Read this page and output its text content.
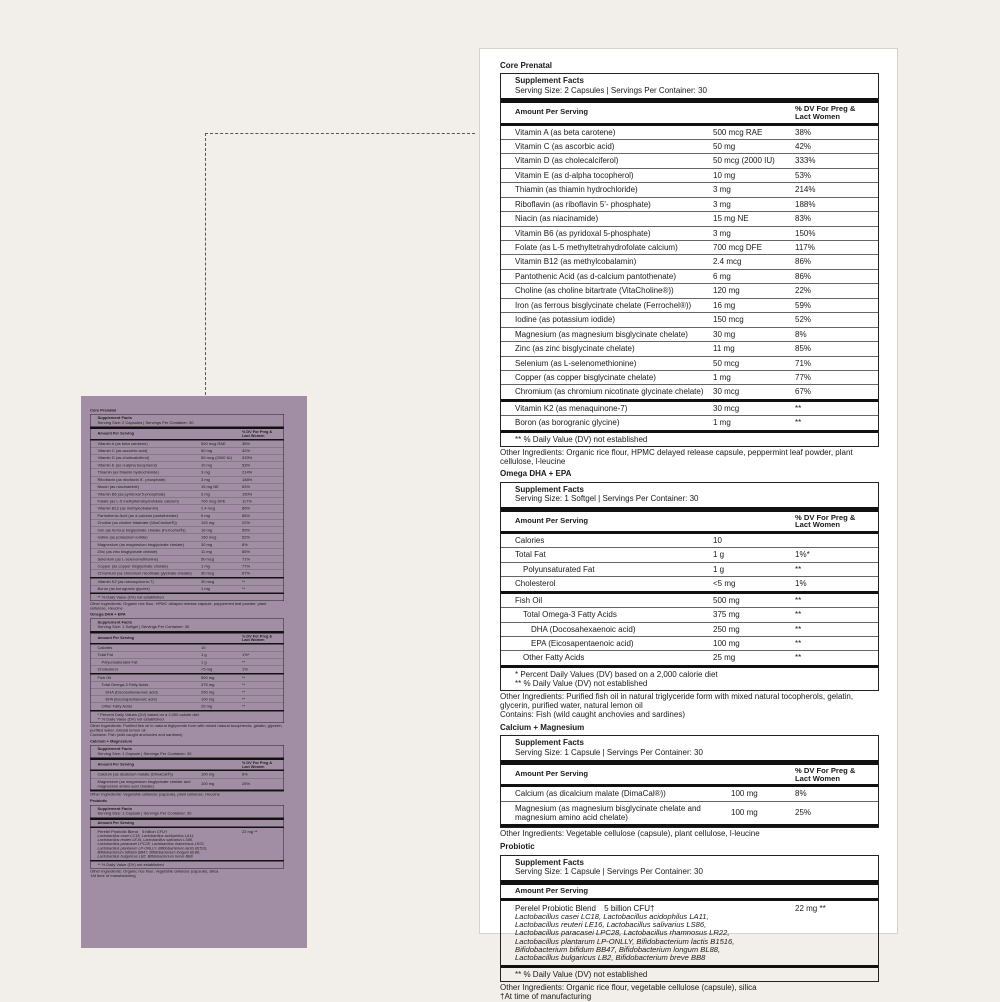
Core Prenatal
Supplement Facts
Serving Size: 2 Capsules | Servings Per Container: 30
Amount Per Serving	% DV For Preg & Lact Women
Vitamin A (as beta carotene)	500 mcg RAE	38%
Vitamin C (as ascorbic acid)	50 mg	42%
Vitamin D (as cholecalciferol)	50 mcg (2000 IU)	333%
Vitamin E (as d-alpha tocopherol)	10 mg	53%
Thiamin (as thiamin hydrochloride)	3 mg	214%
Riboflavin (as riboflavin 5'- phosphate)	3 mg	188%
Niacin (as niacinamide)	15 mg NE	83%
Vitamin B6 (as pyridoxal 5-phosphate)	3 mg	150%
Folate (as L-5 methyltetrahydrofolate calcium)	700 mcg DFE	117%
Vitamin B12 (as methylcobalamin)	2.4 mcg	86%
Pantothenic Acid (as d-calcium pantothenate)	6 mg	86%
Choline (as choline bitartrate (VitaCholine®))	120 mg	22%
Iron (as ferrous bisglycinate chelate (Ferrochel®))	16 mg	59%
Iodine (as potassium iodide)	150 mcg	52%
Magnesium (as magnesium bisglycinate chelate)	30 mg	8%
Zinc (as zinc bisglycinate chelate)	11 mg	85%
Selenium (as L-selenomethionine)	50 mcg	71%
Copper (as copper bisglycinate chelate)	1 mg	77%
Chromium (as chromium nicotinate glycinate chelate)	30 mcg	67%
Vitamin K2 (as menaquinone-7)	30 mcg	**
Boron (as borogranic glycine)	1 mg	**
** % Daily Value (DV) not established
Other Ingredients: Organic rice flour, HPMC delayed release capsule, peppermint leaf powder, plant cellulose, l-leucine
Omega DHA + EPA
Supplement Facts
Serving Size: 1 Softgel | Servings Per Container: 30
Amount Per Serving	% DV For Preg & Lact Women
Calories	10
Total Fat	1 g	1%*
Polyunsaturated Fat	1 g	**
Cholesterol	<5 mg	1%
Fish Oil	500 mg	**
Total Omega-3 Fatty Acids	375 mg	**
DHA (Docosahexaenoic acid)	250 mg	**
EPA (Eicosapentaenoic acid)	100 mg	**
Other Fatty Acids	25 mg	**
* Percent Daily Values (DV) based on a 2,000 calorie diet
** % Daily Value (DV) not established
Other Ingredients: Purified fish oil in natural triglyceride form with mixed natural tocopherols, gelatin, glycerin, purified water, natural lemon oil
Contains: Fish (wild caught anchovies and sardines)
Calcium + Magnesium
Supplement Facts
Serving Size: 1 Capsule | Servings Per Container: 30
Amount Per Serving	% DV For Preg & Lact Women
Calcium (as dicalcium malate (DimaCal®))	100 mg	8%
Magnesium (as magnesium bisglycinate chelate and magnesium amino acid chelate)
100 mg	25%
Other Ingredients: Vegetable cellulose (capsule), plant cellulose, l-leucine
Probiotic
Supplement Facts
Serving Size: 1 Capsule | Servings Per Container: 30
Amount Per Serving
Perelel Probiotic Blend 5 billion CFU†
Lactobacillus casei LC18, Lactobacillus acidophilus LA11,
Lactobacillus reuteri LE16, Lactobacillus salivarius LS86,
Lactobacillus paracasei LPC28, Lactobacillus rhamnosus LR22,
Lactobacillus plantarum LP-ONLLY, Bifidobacterium lactis B1516,
Bifidobacterium bifidum BB47, Bifidobacterium longum BL88,
Lactobacillus bulgaricus LB2, Bifidobacterium breve BB8
22 mg **
** % Daily Value (DV) not established
Other Ingredients: Organic rice flour, vegetable cellulose (capsule), silica
†At time of manufacturing
Core Prenatal
Supplement Facts
Serving Size: 2 Capsules | Servings Per Container: 30
Amount Per Serving	% DV For Preg & Lact Women
Vitamin A (as beta carotene)	500 mcg RAE	38%
Vitamin C (as ascorbic acid)	50 mg	42%
Vitamin D (as cholecalciferol)	50 mcg (2000 IU)	333%
Vitamin E (as d-alpha tocopherol)	10 mg	53%
Thiamin (as thiamin hydrochloride)	3 mg	214%
Riboflavin (as riboflavin 5'- phosphate)	3 mg	188%
Niacin (as niacinamide)	15 mg NE	83%
Vitamin B6 (as pyridoxal 5-phosphate)	3 mg	150%
Folate (as L-5 methyltetrahydrofolate calcium)	700 mcg DFE	117%
Vitamin B12 (as methylcobalamin)	2.4 mcg	86%
Pantothenic Acid (as d-calcium pantothenate)	6 mg	86%
Choline (as choline bitartrate (VitaCholine®))	120 mg	22%
Iron (as ferrous bisglycinate chelate (Ferrochel®))	16 mg	59%
Iodine (as potassium iodide)	150 mcg	52%
Magnesium (as magnesium bisglycinate chelate)	30 mg	8%
Zinc (as zinc bisglycinate chelate)	11 mg	85%
Selenium (as L-selenomethionine)	50 mcg	71%
Copper (as copper bisglycinate chelate)	1 mg	77%
Chromium (as chromium nicotinate glycinate chelate)	30 mcg	67%
Vitamin K2 (as menaquinone-7)	30 mcg	**
Boron (as borogranic glycine)	1 mg	**
** % Daily Value (DV) not established
Other Ingredients: Organic rice flour, HPMC delayed release capsule, peppermint leaf powder, plant cellulose, l-leucine
Omega DHA + EPA
Supplement Facts
Serving Size: 1 Softgel | Servings Per Container: 30
Amount Per Serving	% DV For Preg & Lact Women
Calories	10
Total Fat	1 g	1%*
Polyunsaturated Fat	1 g	**
Cholesterol	<5 mg	1%
Fish Oil	500 mg	**
Total Omega-3 Fatty Acids	375 mg	**
DHA (Docosahexaenoic acid)	250 mg	**
EPA (Eicosapentaenoic acid)	100 mg	**
Other Fatty Acids	25 mg	**
* Percent Daily Values (DV) based on a 2,000 calorie diet
** % Daily Value (DV) not established
Other Ingredients: Purified fish oil in natural triglyceride form with mixed natural tocopherols, gelatin, glycerin, purified water, natural lemon oil
Contains: Fish (wild caught anchovies and sardines)
Calcium + Magnesium
Supplement Facts
Serving Size: 1 Capsule | Servings Per Container: 30
Amount Per Serving	% DV For Preg & Lact Women
Calcium (as dicalcium malate (DimaCal®))	100 mg	8%
Magnesium (as magnesium bisglycinate chelate and magnesium amino acid chelate)
100 mg	25%
Other Ingredients: Vegetable cellulose (capsule), plant cellulose, l-leucine
Probiotic
Supplement Facts
Serving Size: 1 Capsule | Servings Per Container: 30
Amount Per Serving
Perelel Probiotic Blend 5 billion CFU†
Lactobacillus casei LC18, Lactobacillus acidophilus LA11,
Lactobacillus reuteri LE16, Lactobacillus salivarius LS86,
Lactobacillus paracasei LPC28, Lactobacillus rhamnosus LR22,
Lactobacillus plantarum LP-ONLLY, Bifidobacterium lactis B1516,
Bifidobacterium bifidum BB47, Bifidobacterium longum BL88,
Lactobacillus bulgaricus LB2, Bifidobacterium breve BB8
22 mg **
** % Daily Value (DV) not established
Other Ingredients: Organic rice flour, vegetable cellulose (capsule), silica
†At time of manufacturing
